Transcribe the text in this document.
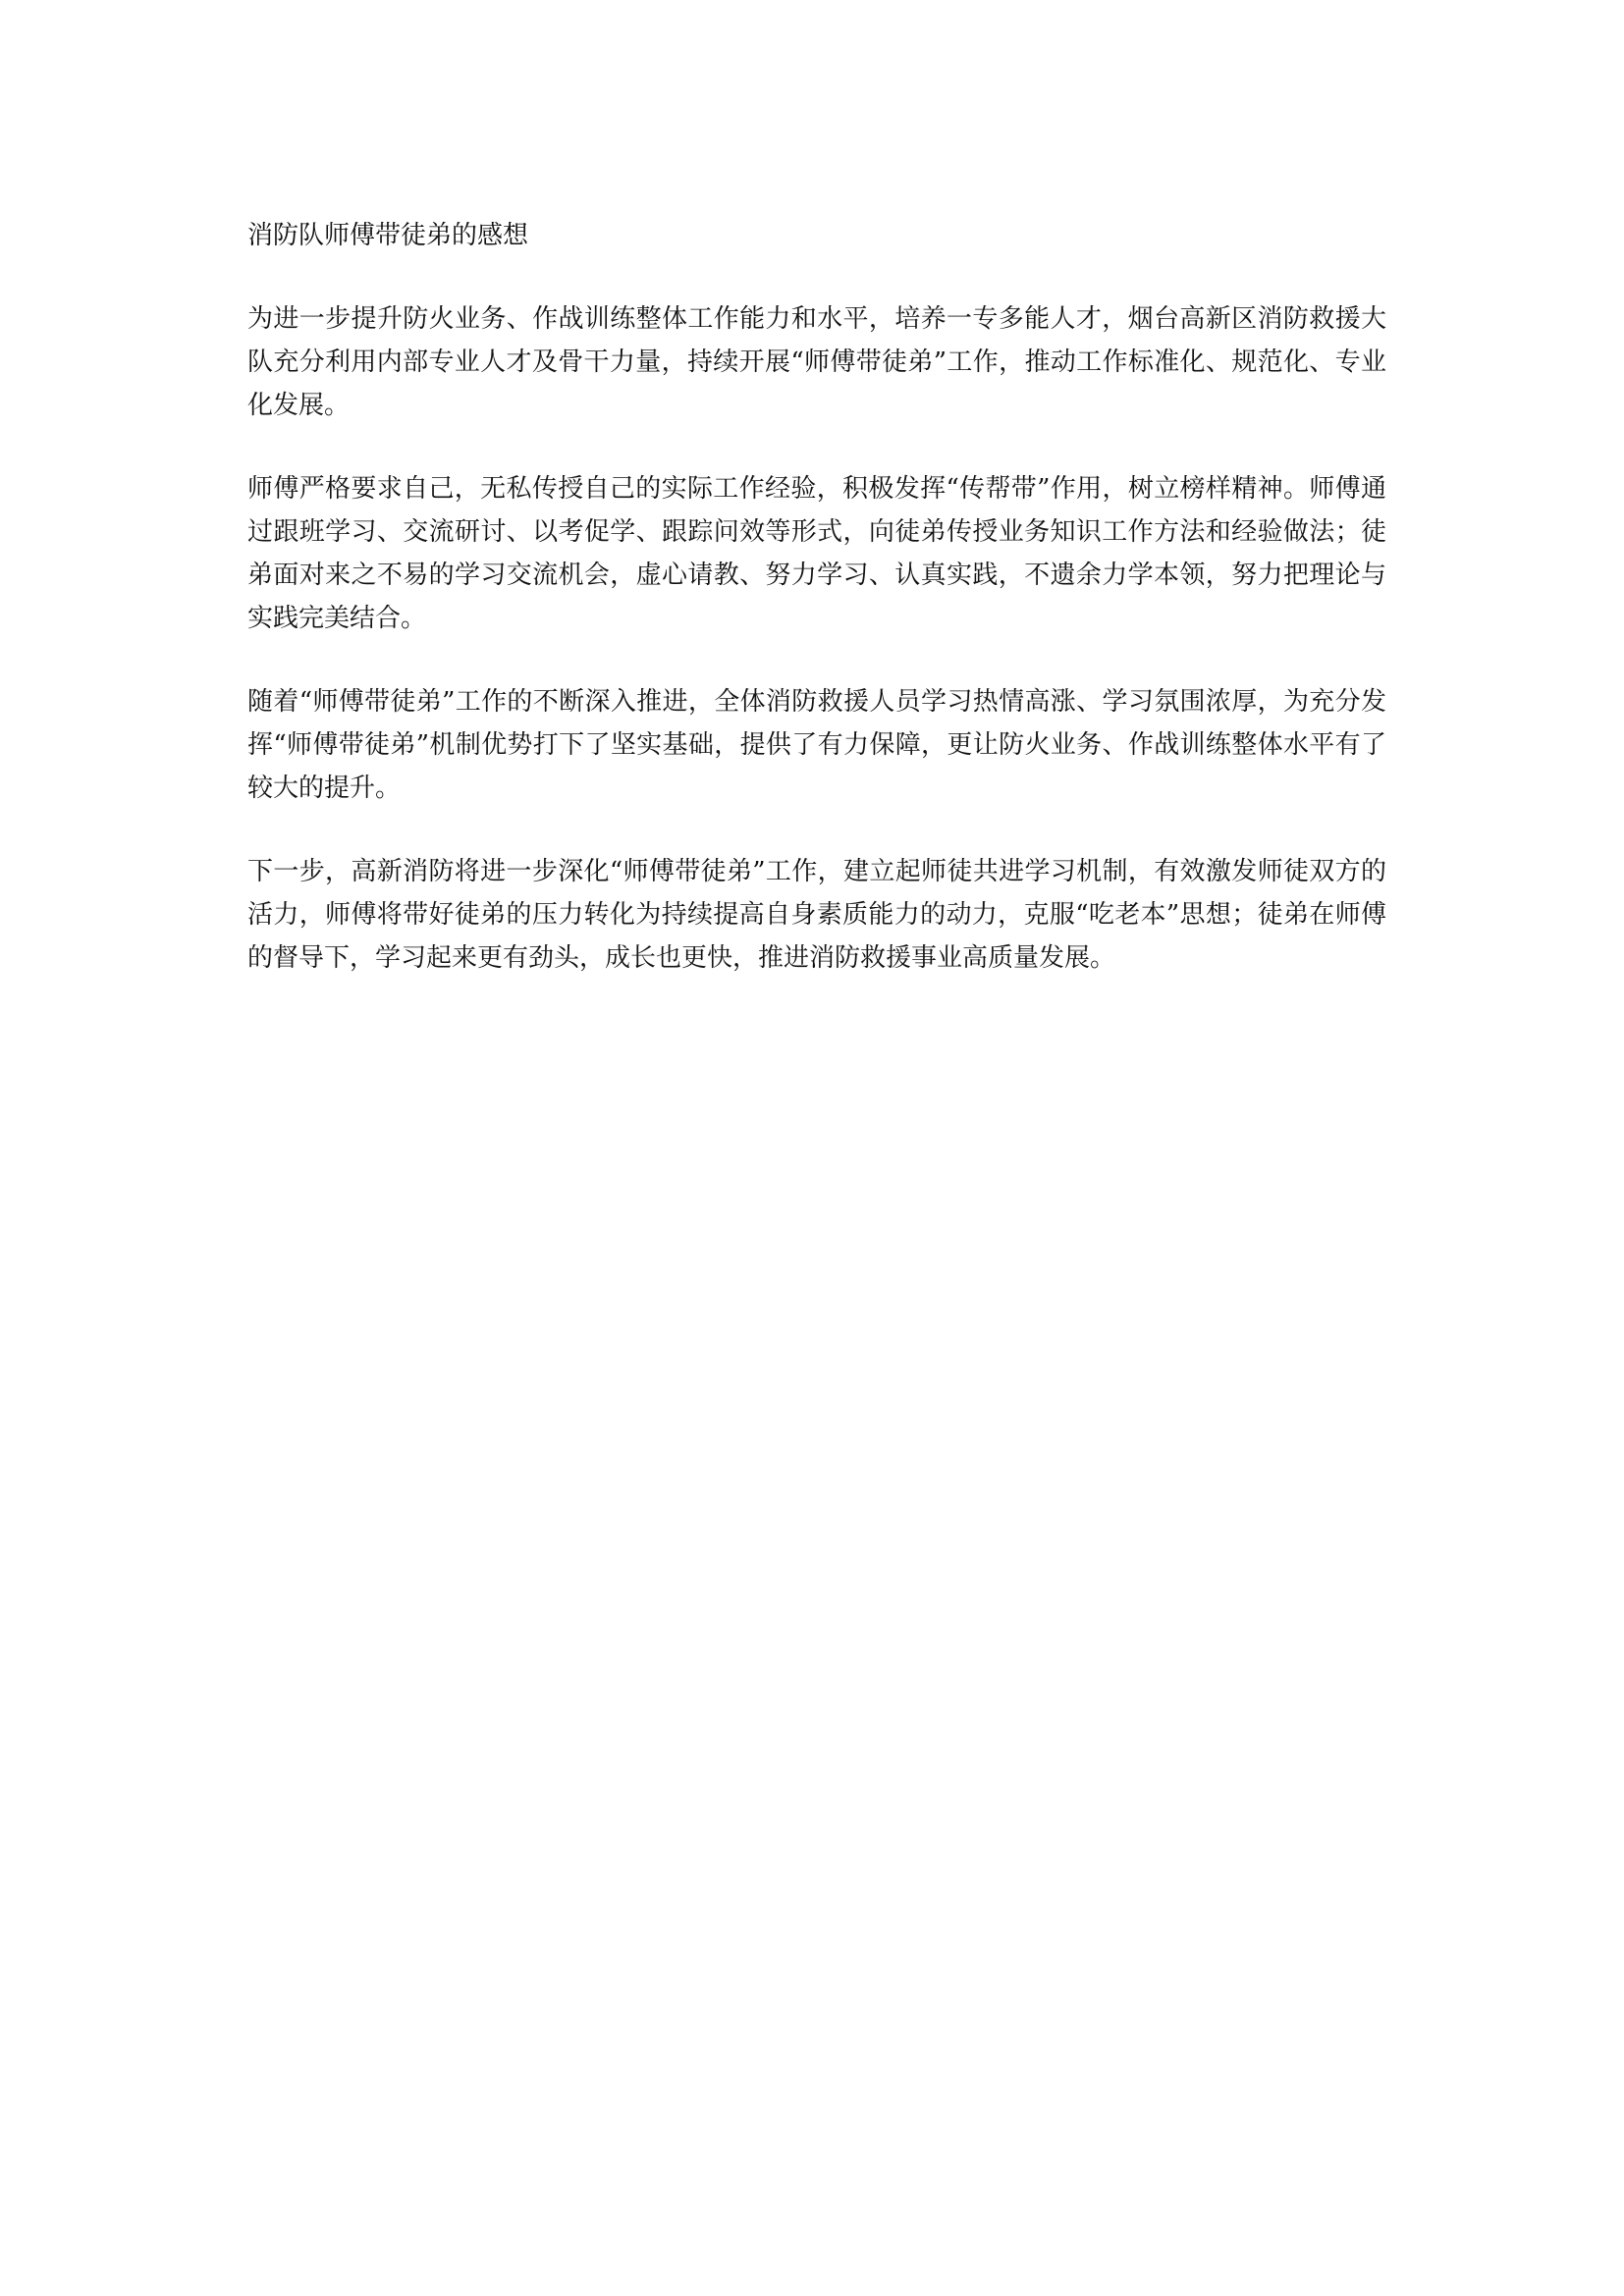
消防队师傅带徒弟的感想

为进一步提升防火业务、作战训练整体工作能力和水平，培养一专多能人才，烟台高新区消防救援大队充分利用内部专业人才及骨干力量，持续开展“师傅带徒弟”工作，推动工作标准化、规范化、专业化发展。

师傅严格要求自己，无私传授自己的实际工作经验，积极发挥“传帮带”作用，树立榜样精神。师傅通过跟班学习、交流研讨、以考促学、跟踪问效等形式，向徒弟传授业务知识工作方法和经验做法；徒弟面对来之不易的学习交流机会，虚心请教、努力学习、认真实践，不遗余力学本领，努力把理论与实践完美结合。

随着“师傅带徒弟”工作的不断深入推进，全体消防救援人员学习热情高涨、学习氛围浓厚，为充分发挥“师傅带徒弟”机制优势打下了坚实基础，提供了有力保障，更让防火业务、作战训练整体水平有了较大的提升。

下一步，高新消防将进一步深化“师傅带徒弟”工作，建立起师徒共进学习机制，有效激发师徒双方的活力，师傅将带好徒弟的压力转化为持续提高自身素质能力的动力，克服“吃老本”思想；徒弟在师傅的督导下，学习起来更有劲头，成长也更快，推进消防救援事业高质量发展。
